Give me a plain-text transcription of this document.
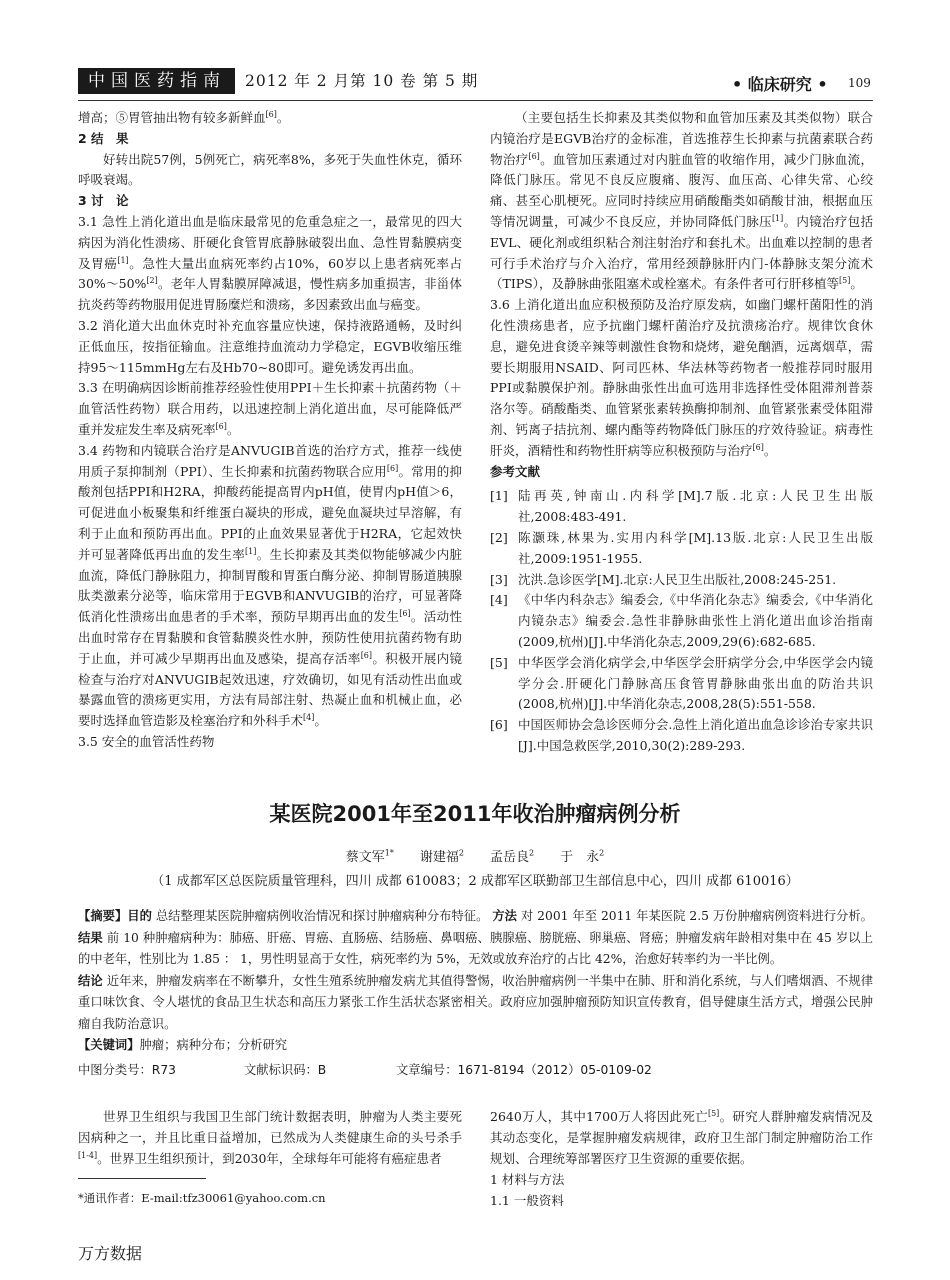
中国医药指南	2012 年 2 月第 10 卷 第 5 期	• 临床研究 • 109

增高；⑤胃管抽出物有较多新鲜血[6]。

2 结　果

好转出院57例，5例死亡，病死率8%，多死于失血性休克，循环呼吸衰竭。

3 讨　论

3.1 急性上消化道出血是临床最常见的危重急症之一，最常见的四大病因为消化性溃疡、肝硬化食管胃底静脉破裂出血、急性胃黏膜病变及胃癌[1]。急性大量出血病死率约占10%，60岁以上患者病死率占30%～50%[2]。老年人胃黏膜屏障减退，慢性病多加重损害，非甾体抗炎药等药物服用促进胃肠糜烂和溃疡，多因素致出血与癌变。

3.2 消化道大出血休克时补充血容量应快速，保持液路通畅，及时纠正低血压，按指征输血。注意维持血流动力学稳定，EGVB收缩压维持95～115mmHg左右及Hb70~80即可。避免诱发再出血。

3.3 在明确病因诊断前推荐经验性使用PPI＋生长抑素＋抗菌药物（＋血管活性药物）联合用药，以迅速控制上消化道出血，尽可能降低严重并发症发生率及病死率[6]。

3.4 药物和内镜联合治疗是ANVUGIB首选的治疗方式，推荐一线使用质子泵抑制剂（PPI）、生长抑素和抗菌药物联合应用[6]。常用的抑酸剂包括PPI和H2RA，抑酸药能提高胃内pH值，使胃内pH值＞6，可促进血小板聚集和纤维蛋白凝块的形成，避免血凝块过早溶解，有利于止血和预防再出血。PPI的止血效果显著优于H2RA，它起效快并可显著降低再出血的发生率[1]。生长抑素及其类似物能够减少内脏血流，降低门静脉阻力，抑制胃酸和胃蛋白酶分泌、抑制胃肠道胰腺肽类激素分泌等，临床常用于EGVB和ANVUGIB的治疗，可显著降低消化性溃疡出血患者的手术率，预防早期再出血的发生[6]。活动性出血时常存在胃黏膜和食管黏膜炎性水肿，预防性使用抗菌药物有助于止血，并可减少早期再出血及感染，提高存活率[6]。积极开展内镜检查与治疗对ANVUGIB起效迅速，疗效确切，如见有活动性出血或暴露血管的溃疡更实用，方法有局部注射、热凝止血和机械止血，必要时选择血管造影及栓塞治疗和外科手术[4]。

3.5 安全的血管活性药物

（主要包括生长抑素及其类似物和血管加压素及其类似物）联合内镜治疗是EGVB治疗的金标准，首选推荐生长抑素与抗菌素联合药物治疗[6]。血管加压素通过对内脏血管的收缩作用，减少门脉血流，降低门脉压。常见不良反应腹痛、腹泻、血压高、心律失常、心绞痛、甚至心肌梗死。应同时持续应用硝酸酯类如硝酸甘油，根据血压等情况调量，可减少不良反应，并协同降低门脉压[1]。内镜治疗包括EVL、硬化剂或组织粘合剂注射治疗和套扎术。出血难以控制的患者可行手术治疗与介入治疗，常用经颈静脉肝内门-体静脉支架分流术（TIPS），及静脉曲张阻塞术或栓塞术。有条件者可行肝移植等[5]。

3.6 上消化道出血应积极预防及治疗原发病，如幽门螺杆菌阳性的消化性溃疡患者，应予抗幽门螺杆菌治疗及抗溃疡治疗。规律饮食休息，避免进食烫辛辣等刺激性食物和烧烤，避免酗酒，远离烟草，需要长期服用NSAID、阿司匹林、华法林等药物者一般推荐同时服用PPI或黏膜保护剂。静脉曲张性出血可选用非选择性受体阻滞剂普萘洛尔等。硝酸酯类、血管紧张素转换酶抑制剂、血管紧张素受体阻滞剂、钙离子拮抗剂、螺内酯等药物降低门脉压的疗效待验证。病毒性肝炎，酒精性和药物性肝病等应积极预防与治疗[6]。

参考文献

[1] 陆再英,钟南山.内科学[M].7版.北京:人民卫生出版社,2008:483-491.
[2] 陈灏珠,林果为.实用内科学[M].13版.北京:人民卫生出版社,2009:1951-1955.
[3] 沈洪.急诊医学[M].北京:人民卫生出版社,2008:245-251.
[4] 《中华内科杂志》编委会,《中华消化杂志》编委会,《中华消化内镜杂志》编委会.急性非静脉曲张性上消化道出血诊治指南(2009,杭州)[J].中华消化杂志,2009,29(6):682-685.
[5] 中华医学会消化病学会,中华医学会肝病学分会,中华医学会内镜学分会.肝硬化门静脉高压食管胃静脉曲张出血的防治共识(2008,杭州)[J].中华消化杂志,2008,28(5):551-558.
[6] 中国医师协会急诊医师分会.急性上消化道出血急诊诊治专家共识[J].中国急救医学,2010,30(2):289-293.
某医院2001年至2011年收治肿瘤病例分析
蔡文军$^{1*}$　　谢建福$^2$　　孟岳良$^2$　　于　永$^2$
（1 成都军区总医院质量管理科，四川 成都 610083；2 成都军区联勤部卫生部信息中心，四川 成都 610016）
【摘要】目的 总结整理某医院肿瘤病例收治情况和探讨肿瘤病种分布特征。 方法 对 2001 年至 2011 年某医院 2.5 万份肿瘤病例资料进行分析。 结果 前 10 种肿瘤病种为：肺癌、肝癌、胃癌、直肠癌、结肠癌、鼻咽癌、胰腺癌、膀胱癌、卵巢癌、肾癌；肿瘤发病年龄相对集中在 45 岁以上的中老年，性别比为 1.85 ： 1，男性明显高于女性，病死率约为 5%，无效或放弃治疗的占比 42%，治愈好转率约为一半比例。
结论 近年来，肿瘤发病率在不断攀升，女性生殖系统肿瘤发病尤其值得警惕，收治肿瘤病例一半集中在肺、肝和消化系统，与人们嗜烟酒、不规律重口味饮食、令人堪忧的食品卫生状态和高压力紧张工作生活状态紧密相关。政府应加强肿瘤预防知识宣传教育，倡导健康生活方式，增强公民肿瘤自我防治意识。
【关键词】肿瘤；病种分布；分析研究
中图分类号：R73	文献标识码：B	文章编号：1671-8194（2012）05-0109-02

世界卫生组织与我国卫生部门统计数据表明，肿瘤为人类主要死因病种之一，并且比重日益增加，已然成为人类健康生命的头号杀手[1-4]。世界卫生组织预计，到2030年，全球每年可能将有癌症患者

2640万人，其中1700万人将因此死亡[5]。研究人群肿瘤发病情况及其动态变化，是掌握肿瘤发病规律，政府卫生部门制定肿瘤防治工作规划、合理统筹部署医疗卫生资源的重要依据。

1 材料与方法

1.1 一般资料

*通讯作者：E-mail:tfz30061@yahoo.com.cn
万方数据
